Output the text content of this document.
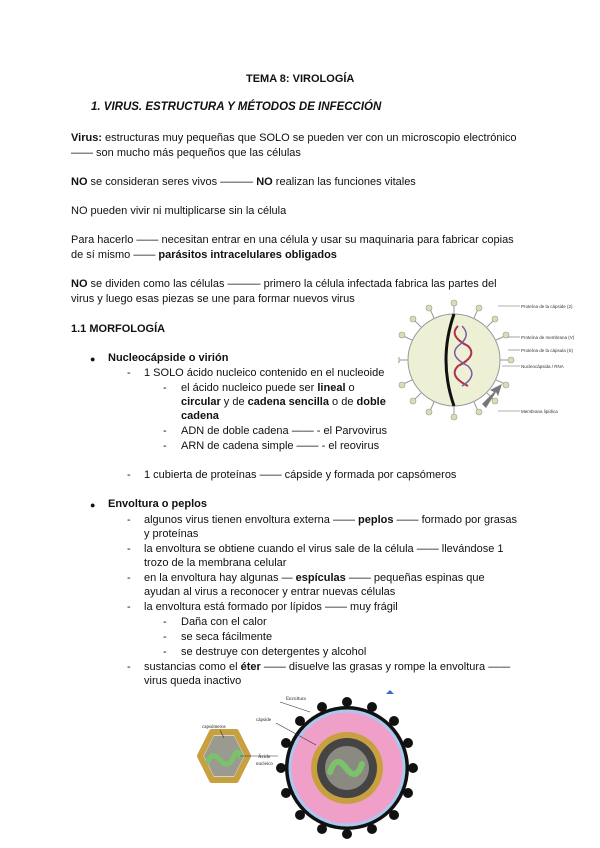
TEMA 8: VIROLOGÍA
1. VIRUS. ESTRUCTURA Y MÉTODOS DE INFECCIÓN
Virus: estructuras muy pequeñas que SOLO se pueden ver con un microscopio electrónico
—— son mucho más pequeños que las células
NO se consideran seres vivos ——— NO realizan las funciones vitales
NO pueden vivir ni multiplicarse sin la célula
Para hacerlo —— necesitan entrar en una célula y usar su maquinaria para fabricar copias
de sí mismo —— parásitos intracelulares obligados
NO se dividen como las células ——— primero la célula infectada fabrica las partes del
virus y luego esas piezas se une para formar nuevos virus
1.1 MORFOLOGÍA
● Nucleocápside o virión
- 1 SOLO ácido nucleico contenido en el nucleoide
- el ácido nucleico puede ser lineal o
circular y de cadena sencilla o de doble
cadena
- ADN de doble cadena —— - el Parvovirus
- ARN de cadena simple —— - el reovirus
- 1 cubierta de proteínas —— cápside y formada por capsómeros
● Envoltura o peplos
- algunos virus tienen envoltura externa —— peplos —— formado por grasas
y proteínas
- la envoltura se obtiene cuando el virus sale de la célula —— llevándose 1
trozo de la membrana celular
- en la envoltura hay algunas — espículas —— pequeñas espinas que
ayudan al virus a reconocer y entrar nuevas células
- la envoltura está formado por lípidos —— muy frágil
- Daña con el calor
- se seca fácilmente
- se destruye con detergentes y alcohol
- sustancias como el éter —— disuelve las grasas y rompe la envoltura ——
virus queda inactivo
Proteína de la cápside (2)
Proteína de membrana (V)
Proteína de la cápsula (S)
Nucleocápsida / RNA
Membrana lipídica
capsómeros
Envoltura
cápside
Ácido
nucleico
